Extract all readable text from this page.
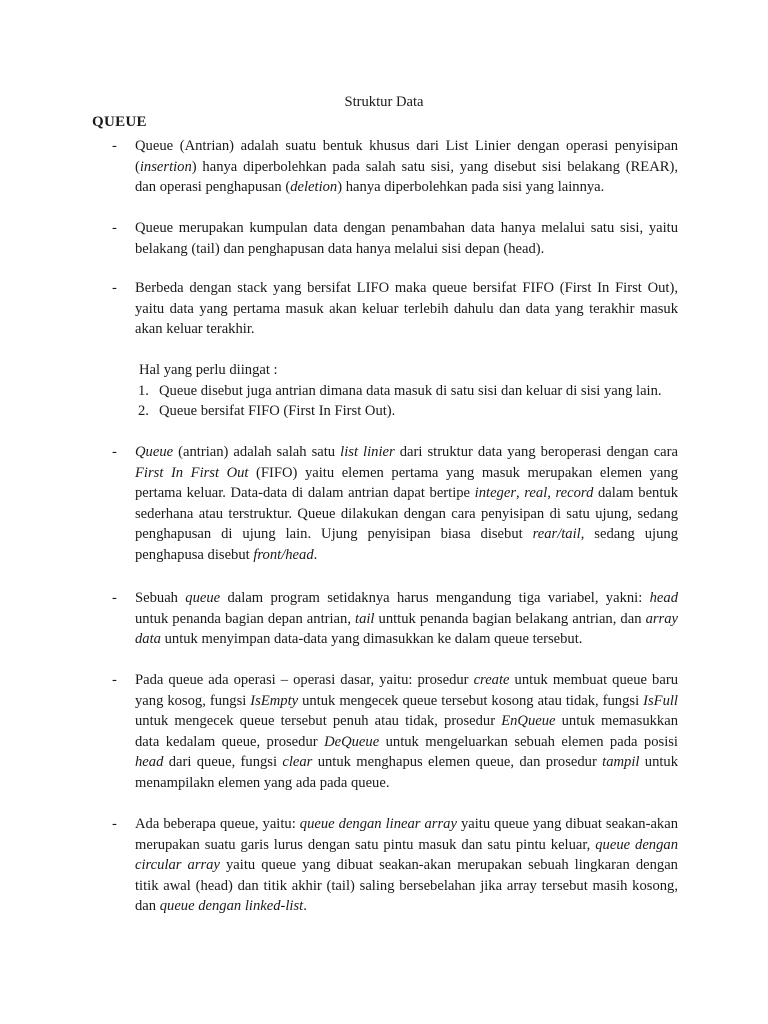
Struktur Data
QUEUE
- Queue (Antrian) adalah suatu bentuk khusus dari List Linier dengan operasi penyisipan (insertion) hanya diperbolehkan pada salah satu sisi, yang disebut sisi belakang (REAR), dan operasi penghapusan (deletion) hanya diperbolehkan pada sisi yang lainnya.
- Queue merupakan kumpulan data dengan penambahan data hanya melalui satu sisi, yaitu belakang (tail) dan penghapusan data hanya melalui sisi depan (head).
- Berbeda dengan stack yang bersifat LIFO maka queue bersifat FIFO (First In First Out), yaitu data yang pertama masuk akan keluar terlebih dahulu dan data yang terakhir masuk akan keluar terakhir.
Hal yang perlu diingat :
1. Queue disebut juga antrian dimana data masuk di satu sisi dan keluar di sisi yang lain.
2. Queue bersifat FIFO (First In First Out).
- Queue (antrian) adalah salah satu list linier dari struktur data yang beroperasi dengan cara First In First Out (FIFO) yaitu elemen pertama yang masuk merupakan elemen yang pertama keluar. Data-data di dalam antrian dapat bertipe integer, real, record dalam bentuk sederhana atau terstruktur. Queue dilakukan dengan cara penyisipan di satu ujung, sedang penghapusan di ujung lain. Ujung penyisipan biasa disebut rear/tail, sedang ujung penghapusa disebut front/head.
- Sebuah queue dalam program setidaknya harus mengandung tiga variabel, yakni: head untuk penanda bagian depan antrian, tail unttuk penanda bagian belakang antrian, dan array data untuk menyimpan data-data yang dimasukkan ke dalam queue tersebut.
- Pada queue ada operasi – operasi dasar, yaitu: prosedur create untuk membuat queue baru yang kosog, fungsi IsEmpty untuk mengecek queue tersebut kosong atau tidak, fungsi IsFull untuk mengecek queue tersebut penuh atau tidak, prosedur EnQueue untuk memasukkan data kedalam queue, prosedur DeQueue untuk mengeluarkan sebuah elemen pada posisi head dari queue, fungsi clear untuk menghapus elemen queue, dan prosedur tampil untuk menampilakn elemen yang ada pada queue.
- Ada beberapa queue, yaitu: queue dengan linear array yaitu queue yang dibuat seakan-akan merupakan suatu garis lurus dengan satu pintu masuk dan satu pintu keluar, queue dengan circular array yaitu queue yang dibuat seakan-akan merupakan sebuah lingkaran dengan titik awal (head) dan titik akhir (tail) saling bersebelahan jika array tersebut masih kosong, dan queue dengan linked-list.
